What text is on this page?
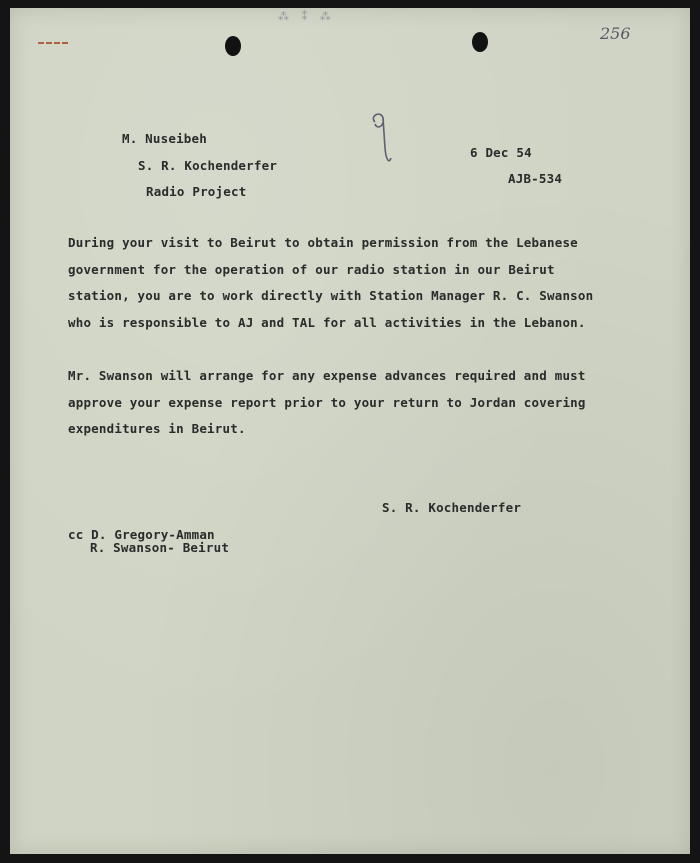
⁂ ⁑ ⁂
256
M. Nuseibeh
S. R. Kochenderfer
Radio Project
6 Dec 54
AJB-534

During your visit to Beirut to obtain permission from the Lebanese

government for the operation of our radio station in our Beirut

station, you are to work directly with Station Manager R. C. Swanson

who is responsible to AJ and TAL for all activities in the Lebanon.

Mr. Swanson will arrange for any expense advances required and must

approve your expense report prior to your return to Jordan covering

expenditures in Beirut.

S. R. Kochenderfer
cc D. Gregory-Amman
R. Swanson- Beirut
